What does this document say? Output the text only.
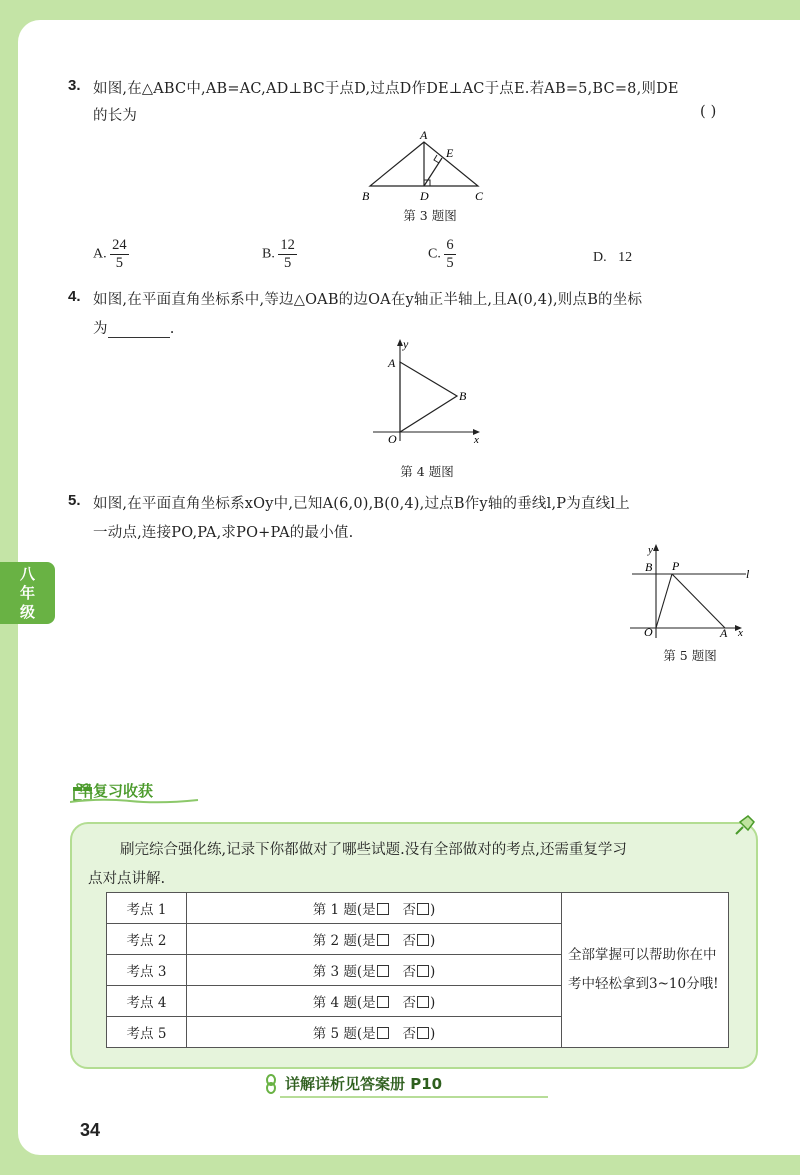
3. 如图,在△ABC中,AB=AC,AD⊥BC于点D,过点D作DE⊥AC于点E.若AB=5,BC=8,则DE
的长为	( )
A
B	C
D
E
第 3 题图
A. $\frac{24}{5}$	B. $\frac{12}{5}$	C. $\frac{6}{5}$	D. 12
4. 如图,在平面直角坐标系中,等边△OAB的边OA在y轴正半轴上,且A(0,4),则点B的坐标
为	.
y
A
B
O	x
第 4 题图
5. 如图,在平面直角坐标系xOy中,已知A(6,0),B(0,4),过点B作y轴的垂线l,P为直线l上
一动点,连接PO,PA,求PO+PA的最小值.
y
B P
l
O	A x
第 5 题图
八
年
级
早复习收获
刷完综合强化练,记录下你都做对了哪些试题.没有全部做对的考点,还需重复学习
点对点讲解.
考点 1	第 1 题(是 否 )	全部掌握可以帮助你在中考中轻松拿到3~10分哦!
考点 2	第 2 题(是 否 )	
考点 3	第 3 题(是 否 )	
考点 4	第 4 题(是 否 )	
考点 5	第 5 题(是 否 )	
详解详析见答案册 P10
34
